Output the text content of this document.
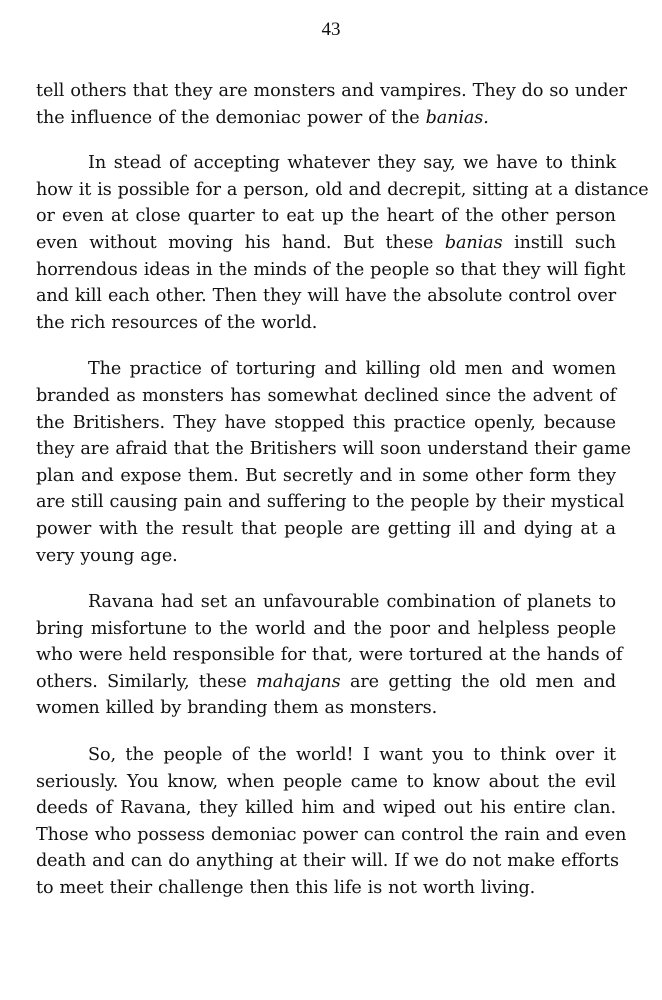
43
tell others that they are monsters and vampires. They do so under
the influence of the demoniac power of the banias.
In stead of accepting whatever they say, we have to think
how it is possible for a person, old and decrepit, sitting at a distance
or even at close quarter to eat up the heart of the other person
even without moving his hand. But these banias instill such
horrendous ideas in the minds of the people so that they will fight
and kill each other. Then they will have the absolute control over
the rich resources of the world.
The practice of torturing and killing old men and women
branded as monsters has somewhat declined since the advent of
the Britishers. They have stopped this practice openly, because
they are afraid that the Britishers will soon understand their game
plan and expose them. But secretly and in some other form they
are still causing pain and suffering to the people by their mystical
power with the result that people are getting ill and dying at a
very young age.
Ravana had set an unfavourable combination of planets to
bring misfortune to the world and the poor and helpless people
who were held responsible for that, were tortured at the hands of
others. Similarly, these mahajans are getting the old men and
women killed by branding them as monsters.
So, the people of the world! I want you to think over it
seriously. You know, when people came to know about the evil
deeds of Ravana, they killed him and wiped out his entire clan.
Those who possess demoniac power can control the rain and even
death and can do anything at their will. If we do not make efforts
to meet their challenge then this life is not worth living.
